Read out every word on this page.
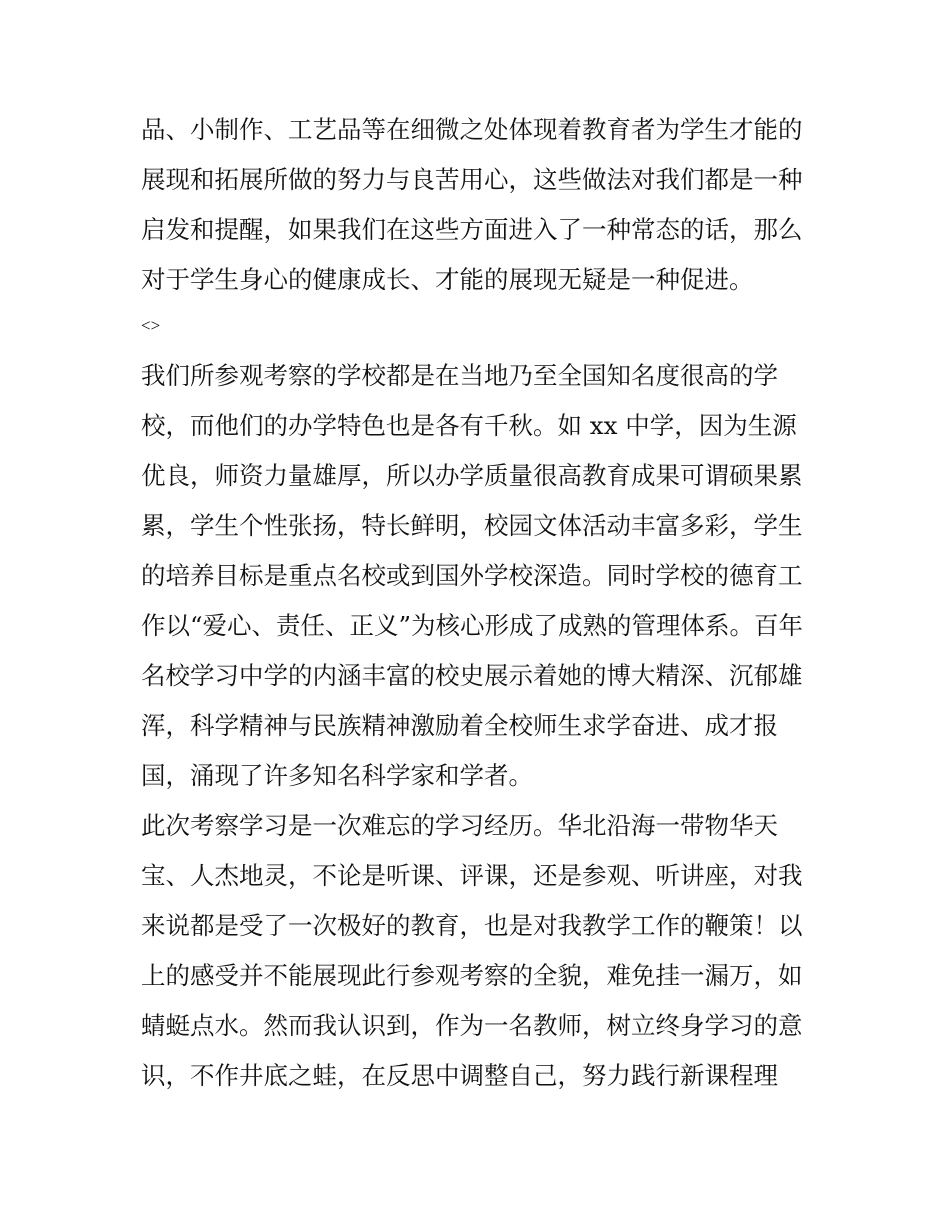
品、小制作、工艺品等在细微之处体现着教育者为学生才能的
展现和拓展所做的努力与良苦用心，这些做法对我们都是一种
启发和提醒，如果我们在这些方面进入了一种常态的话，那么
对于学生身心的健康成长、才能的展现无疑是一种促进。
<>
我们所参观考察的学校都是在当地乃至全国知名度很高的学
校，而他们的办学特色也是各有千秋。如 xx 中学，因为生源
优良，师资力量雄厚，所以办学质量很高教育成果可谓硕果累
累，学生个性张扬，特长鲜明，校园文体活动丰富多彩，学生
的培养目标是重点名校或到国外学校深造。同时学校的德育工
作以“爱心、责任、正义”为核心形成了成熟的管理体系。百年
名校学习中学的内涵丰富的校史展示着她的博大精深、沉郁雄
浑，科学精神与民族精神激励着全校师生求学奋进、成才报
国，涌现了许多知名科学家和学者。
此次考察学习是一次难忘的学习经历。华北沿海一带物华天
宝、人杰地灵，不论是听课、评课，还是参观、听讲座，对我
来说都是受了一次极好的教育，也是对我教学工作的鞭策！以
上的感受并不能展现此行参观考察的全貌，难免挂一漏万，如
蜻蜓点水。然而我认识到，作为一名教师，树立终身学习的意
识，不作井底之蛙，在反思中调整自己，努力践行新课程理
